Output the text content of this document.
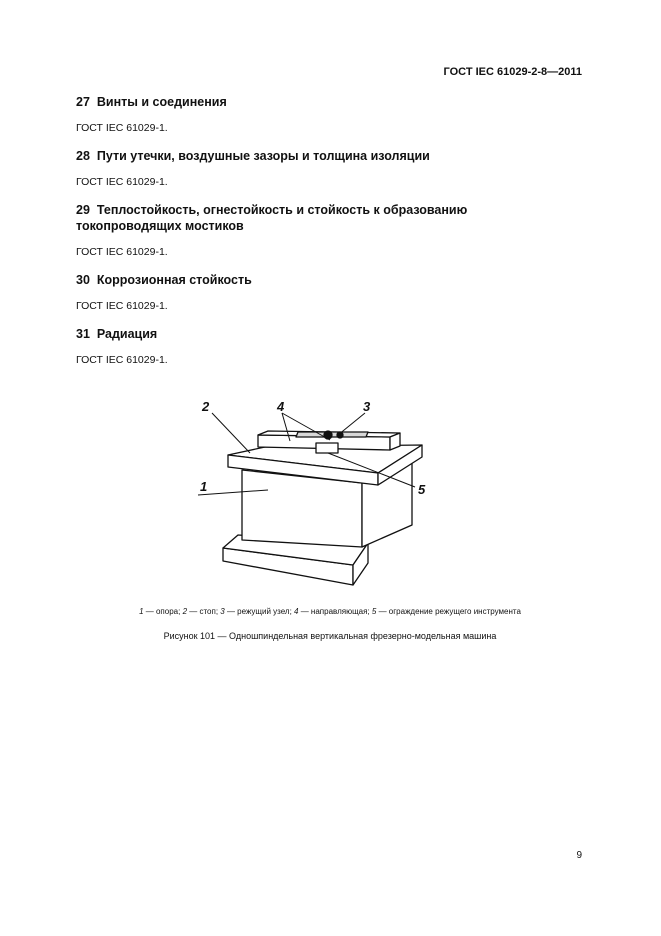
ГОСТ IEC 61029-2-8—2011
27 Винты и соединения
ГОСТ IEC 61029-1.
28 Пути утечки, воздушные зазоры и толщина изоляции
ГОСТ IEC 61029-1.
29 Теплостойкость, огнестойкость и стойкость к образованию
токопроводящих мостиков
ГОСТ IEC 61029-1.
30 Коррозионная стойкость
ГОСТ IEC 61029-1.
31 Радиация
ГОСТ IEC 61029-1.
1
2	3
4
5
1 — опора; 2 — стоп; 3 — режущий узел; 4 — направляющая; 5 — ограждение режущего инструмента
Рисунок 101 — Одношпиндельная вертикальная фрезерно-модельная машина
9
